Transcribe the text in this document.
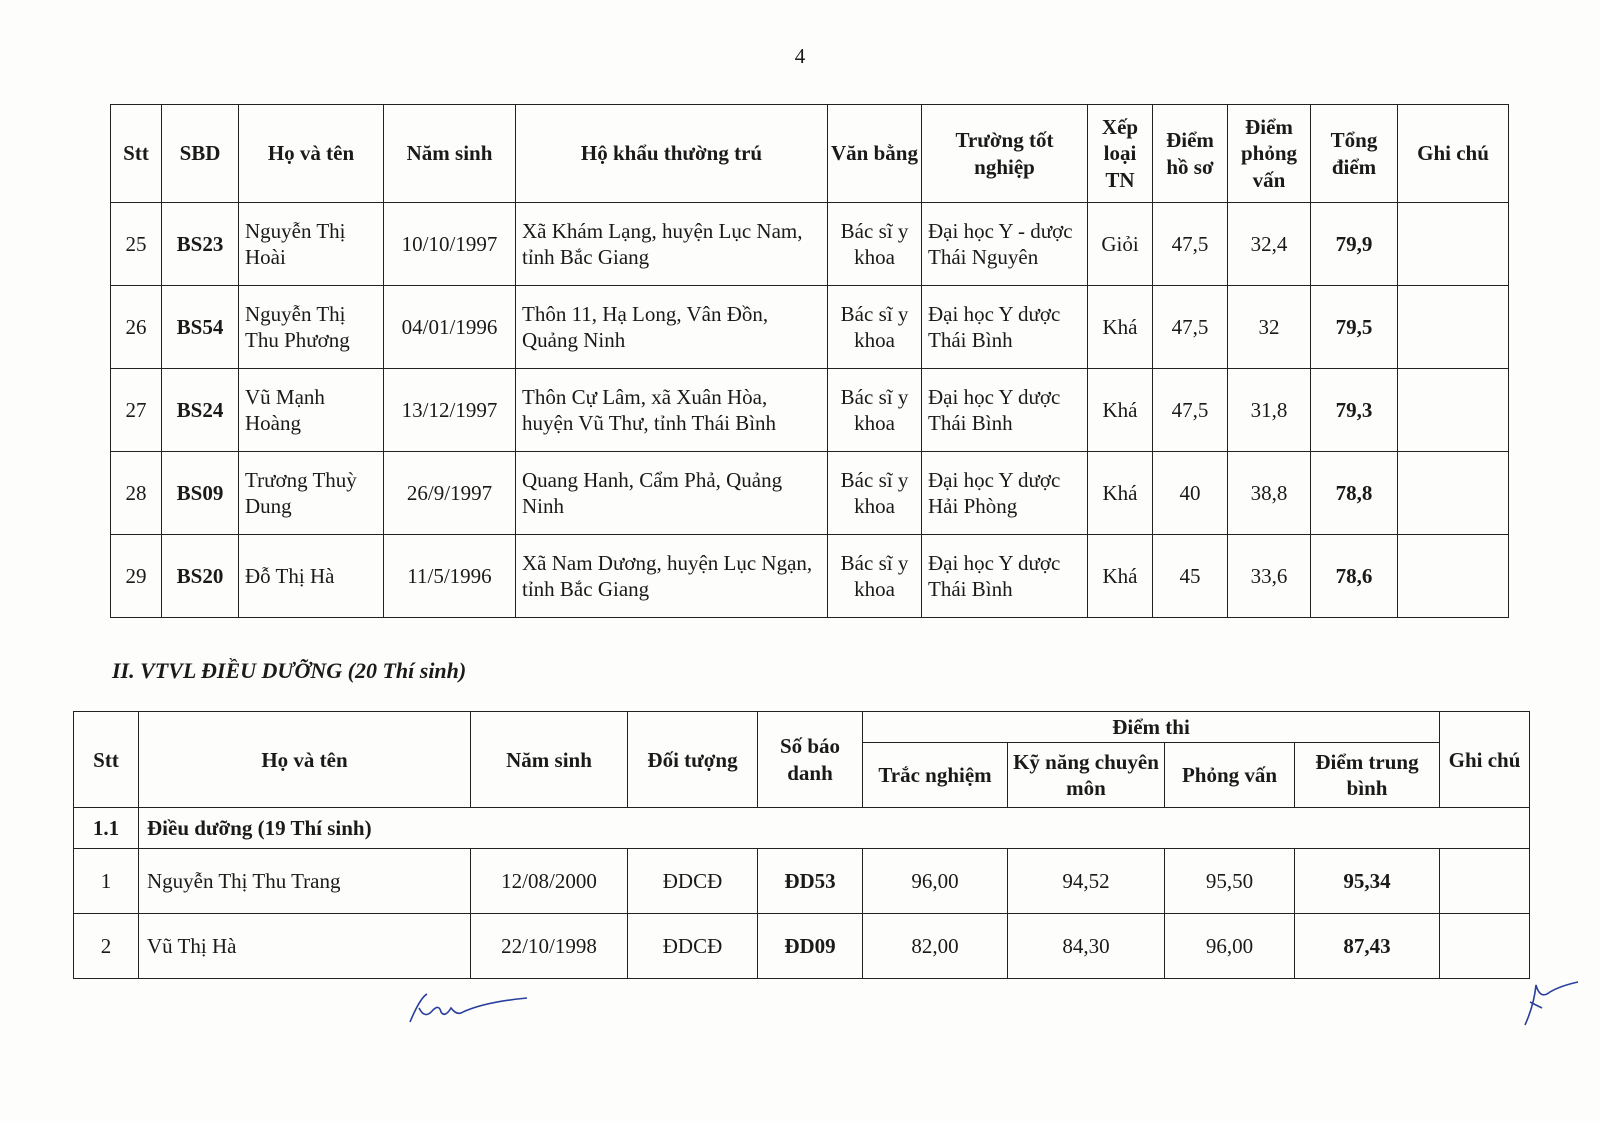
4
Stt	SBD	Họ và tên	Năm sinh	Hộ khẩu thường trú	Văn bằng	Trường tốt nghiệp	Xếp loại TN	Điểm hồ sơ	Điểm phỏng vấn	Tổng điểm	Ghi chú
25	BS23	Nguyễn Thị Hoài	10/10/1997	Xã Khám Lạng, huyện Lục Nam, tỉnh Bắc Giang	Bác sĩ y khoa	Đại học Y - dược Thái Nguyên	Giỏi	47,5	32,4	79,9	
26	BS54	Nguyễn Thị Thu Phương	04/01/1996	Thôn 11, Hạ Long, Vân Đồn, Quảng Ninh	Bác sĩ y khoa	Đại học Y dược Thái Bình	Khá	47,5	32	79,5	
27	BS24	Vũ Mạnh Hoàng	13/12/1997	Thôn Cự Lâm, xã Xuân Hòa, huyện Vũ Thư, tỉnh Thái Bình	Bác sĩ y khoa	Đại học Y dược Thái Bình	Khá	47,5	31,8	79,3	
28	BS09	Trương Thuỳ Dung	26/9/1997	Quang Hanh, Cẩm Phả, Quảng Ninh	Bác sĩ y khoa	Đại học Y dược Hải Phòng	Khá	40	38,8	78,8	
29	BS20	Đỗ Thị Hà	11/5/1996	Xã Nam Dương, huyện Lục Ngạn, tỉnh Bắc Giang	Bác sĩ y khoa	Đại học Y dược Thái Bình	Khá	45	33,6	78,6	
II. VTVL ĐIỀU DƯỠNG (20 Thí sinh)
Stt	Họ và tên	Năm sinh	Đối tượng	Số báo danh	Điểm thi				Ghi chú
					Trắc nghiệm	Kỹ năng chuyên môn	Phỏng vấn	Điểm trung bình	
1.1	Điều dưỡng (19 Thí sinh)								
1	Nguyễn Thị Thu Trang	12/08/2000	ĐDCĐ	ĐD53	96,00	94,52	95,50	95,34	
2	Vũ Thị Hà	22/10/1998	ĐDCĐ	ĐD09	82,00	84,30	96,00	87,43	
